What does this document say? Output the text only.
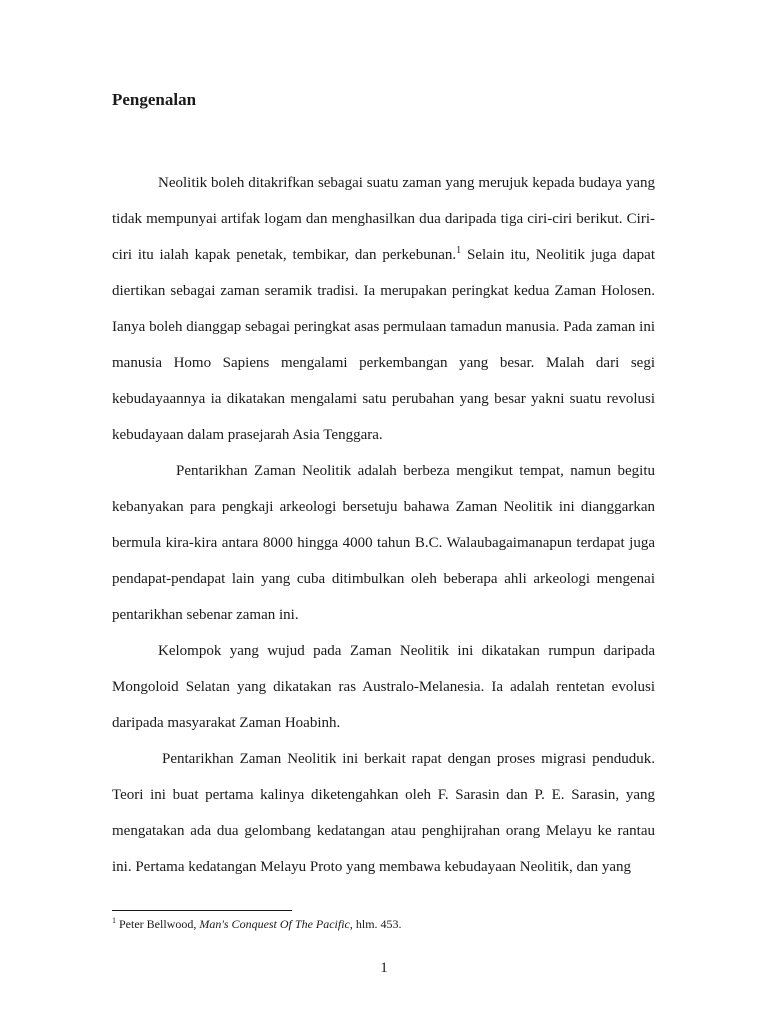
Pengenalan

Neolitik boleh ditakrifkan sebagai suatu zaman yang merujuk kepada budaya yang tidak mempunyai artifak logam dan menghasilkan dua daripada tiga ciri-ciri berikut. Ciri-ciri itu ialah kapak penetak, tembikar, dan perkebunan.$^1$ Selain itu, Neolitik juga dapat diertikan sebagai zaman seramik tradisi. Ia merupakan peringkat kedua Zaman Holosen. Ianya boleh dianggap sebagai peringkat asas permulaan tamadun manusia. Pada zaman ini manusia Homo Sapiens mengalami perkembangan yang besar. Malah dari segi kebudayaannya ia dikatakan mengalami satu perubahan yang besar yakni suatu revolusi kebudayaan dalam prasejarah Asia Tenggara.

Pentarikhan Zaman Neolitik adalah berbeza mengikut tempat, namun begitu kebanyakan para pengkaji arkeologi bersetuju bahawa Zaman Neolitik ini dianggarkan bermula kira-kira antara 8000 hingga 4000 tahun B.C. Walaubagaimanapun terdapat juga pendapat-pendapat lain yang cuba ditimbulkan oleh beberapa ahli arkeologi mengenai pentarikhan sebenar zaman ini.

Kelompok yang wujud pada Zaman Neolitik ini dikatakan rumpun daripada Mongoloid Selatan yang dikatakan ras Australo-Melanesia. Ia adalah rentetan evolusi daripada masyarakat Zaman Hoabinh.

Pentarikhan Zaman Neolitik ini berkait rapat dengan proses migrasi penduduk. Teori ini buat pertama kalinya diketengahkan oleh F. Sarasin dan P. E. Sarasin, yang mengatakan ada dua gelombang kedatangan atau penghijrahan orang Melayu ke rantau ini. Pertama kedatangan Melayu Proto yang membawa kebudayaan Neolitik, dan yang

$^1$ Peter Bellwood, Man's Conquest Of The Pacific, hlm. 453.

1
